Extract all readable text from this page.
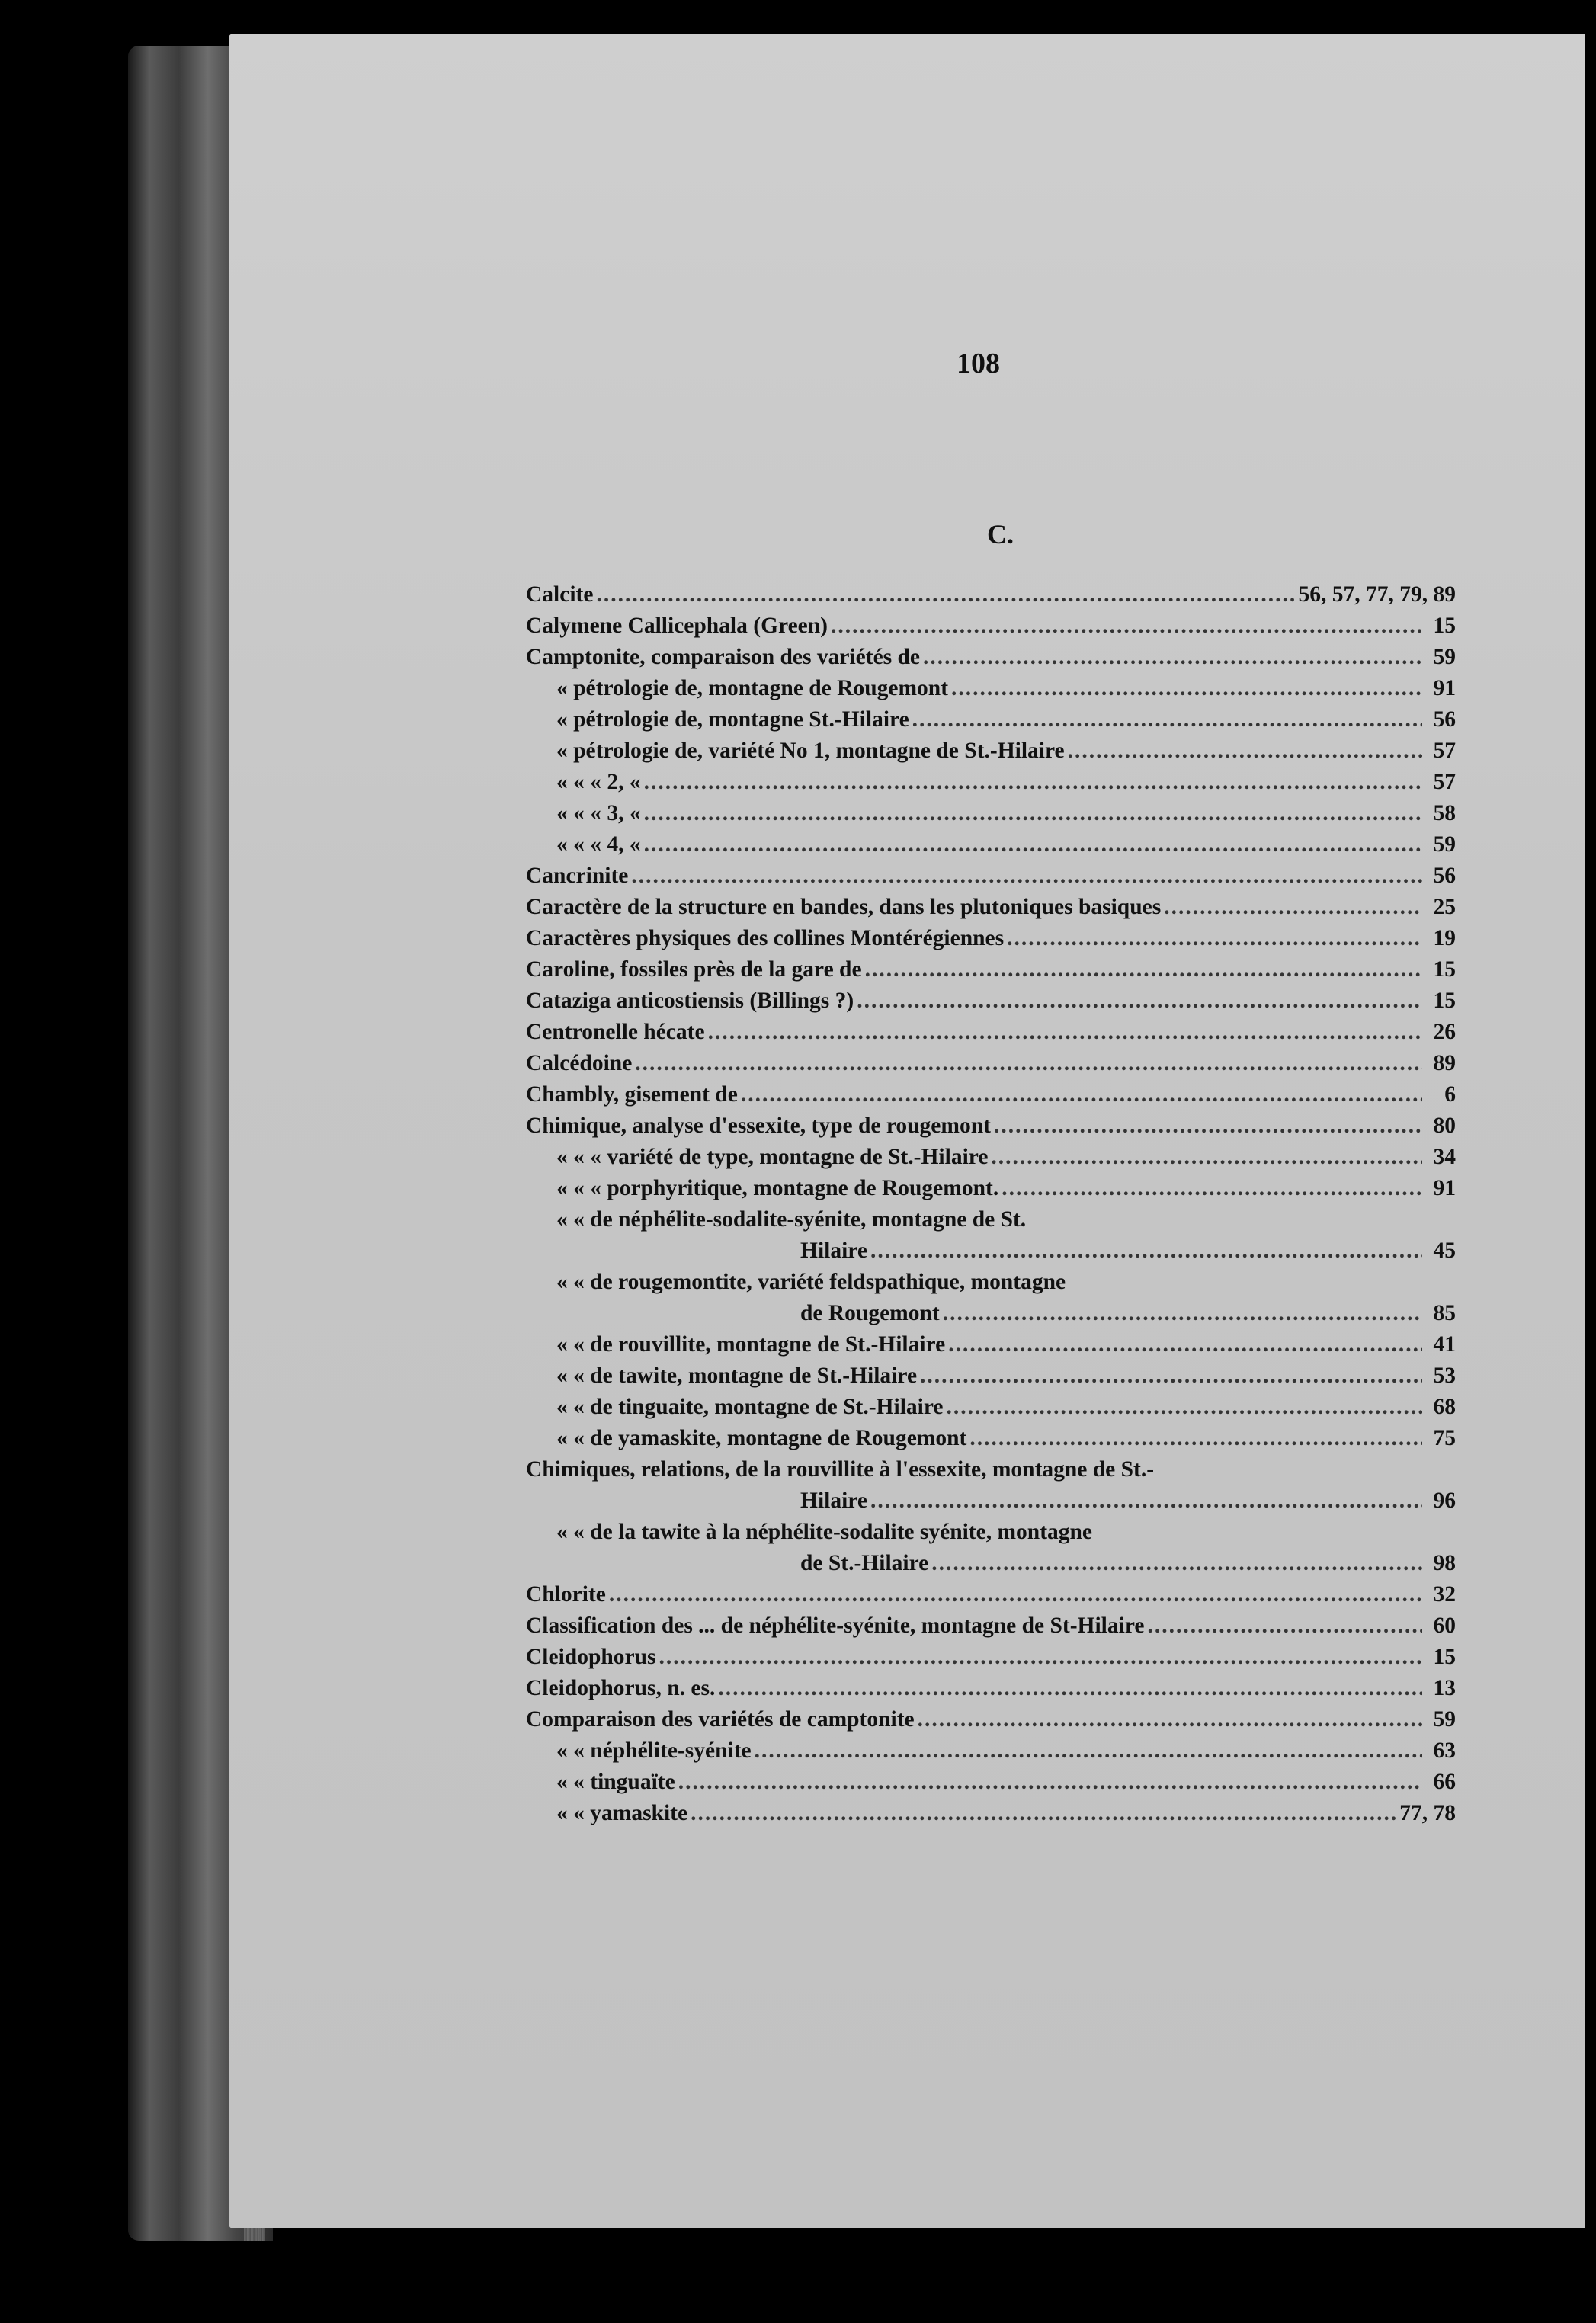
108
C.
Calcite .....	56, 57, 77, 79, 89
Calymene Callicephala (Green) .....	15
Camptonite, comparaison des variétés de .....	59
« pétrologie de, montagne de Rougemont .....	91
« pétrologie de, montagne St.-Hilaire .....	56
« pétrologie de, variété No 1, montagne de St.-Hilaire .....	57
« « « 2, « .....	57
« « « 3, « .....	58
« « « 4, « .....	59
Cancrinite .....	56
Caractère de la structure en bandes, dans les plutoniques basiques .....	25
Caractères physiques des collines Montérégiennes .....	19
Caroline, fossiles près de la gare de .....	15
Cataziga anticostiensis (Billings ?) .....	15
Centronelle hécate .....	26
Calcédoine .....	89
Chambly, gisement de .....	6
Chimique, analyse d'essexite, type de rougemont .....	80
« « « variété de type, montagne de St.-Hilaire .....	34
« « « porphyritique, montagne de Rougemont. .....	91
« « de néphélite-sodalite-syénite, montagne de St.
Hilaire .....	45
« « de rougemontite, variété feldspathique, montagne
de Rougemont .....	85
« « de rouvillite, montagne de St.-Hilaire .....	41
« « de tawite, montagne de St.-Hilaire .....	53
« « de tinguaite, montagne de St.-Hilaire .....	68
« « de yamaskite, montagne de Rougemont .....	75
Chimiques, relations, de la rouvillite à l'essexite, montagne de St.-
Hilaire .....	96
« « de la tawite à la néphélite-sodalite syénite, montagne
de St.-Hilaire .....	98
Chlorite .....	32
Classification des ... de néphélite-syénite, montagne de St-Hilaire .....	60
Cleidophorus .....	15
Cleidophorus, n. es. .....	13
Comparaison des variétés de camptonite .....	59
« « néphélite-syénite .....	63
« « tinguaïte .....	66
« « yamaskite .....	77, 78
